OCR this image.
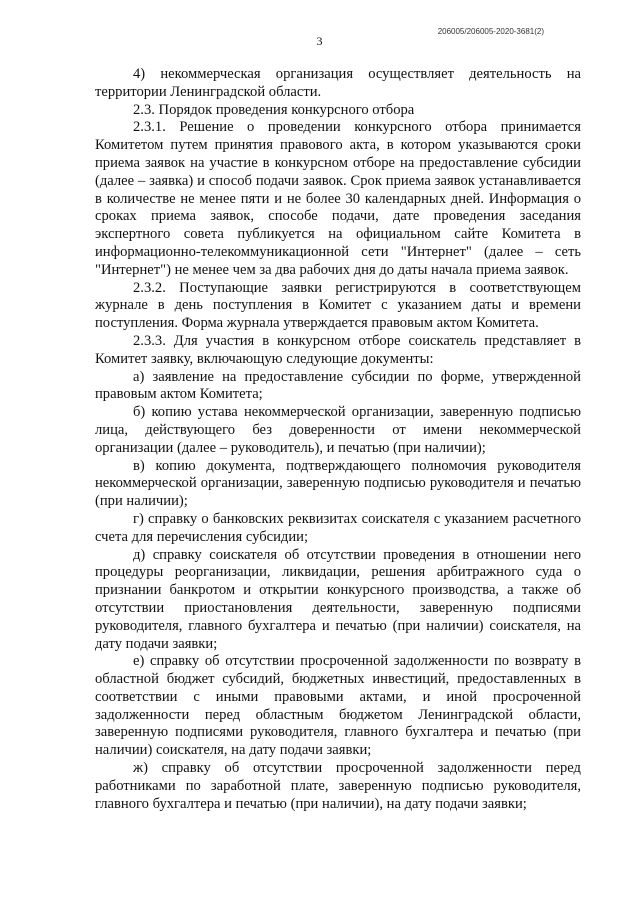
206005/206005-2020-3681(2)

3

4) некоммерческая организация осуществляет деятельность на территории Ленинградской области.

2.3. Порядок проведения конкурсного отбора

2.3.1. Решение о проведении конкурсного отбора принимается Комитетом путем принятия правового акта, в котором указываются сроки приема заявок на участие в конкурсном отборе на предоставление субсидии (далее – заявка) и способ подачи заявок. Срок приема заявок устанавливается в количестве не менее пяти и не более 30 календарных дней. Информация о сроках приема заявок, способе подачи, дате проведения заседания экспертного совета публикуется на официальном сайте Комитета в информационно-телекоммуникационной сети "Интернет" (далее – сеть "Интернет") не менее чем за два рабочих дня до даты начала приема заявок.

2.3.2. Поступающие заявки регистрируются в соответствующем журнале в день поступления в Комитет с указанием даты и времени поступления. Форма журнала утверждается правовым актом Комитета.

2.3.3. Для участия в конкурсном отборе соискатель представляет в Комитет заявку, включающую следующие документы:

а) заявление на предоставление субсидии по форме, утвержденной правовым актом Комитета;

б) копию устава некоммерческой организации, заверенную подписью лица, действующего без доверенности от имени некоммерческой организации (далее – руководитель), и печатью (при наличии);

в) копию документа, подтверждающего полномочия руководителя некоммерческой организации, заверенную подписью руководителя и печатью (при наличии);

г) справку о банковских реквизитах соискателя с указанием расчетного счета для перечисления субсидии;

д) справку соискателя об отсутствии проведения в отношении него процедуры реорганизации, ликвидации, решения арбитражного суда о признании банкротом и открытии конкурсного производства, а также об отсутствии приостановления деятельности, заверенную подписями руководителя, главного бухгалтера и печатью (при наличии) соискателя, на дату подачи заявки;

е) справку об отсутствии просроченной задолженности по возврату в областной бюджет субсидий, бюджетных инвестиций, предоставленных в соответствии с иными правовыми актами, и иной просроченной задолженности перед областным бюджетом Ленинградской области, заверенную подписями руководителя, главного бухгалтера и печатью (при наличии) соискателя, на дату подачи заявки;

ж) справку об отсутствии просроченной задолженности перед работниками по заработной плате, заверенную подписью руководителя, главного бухгалтера и печатью (при наличии), на дату подачи заявки;
